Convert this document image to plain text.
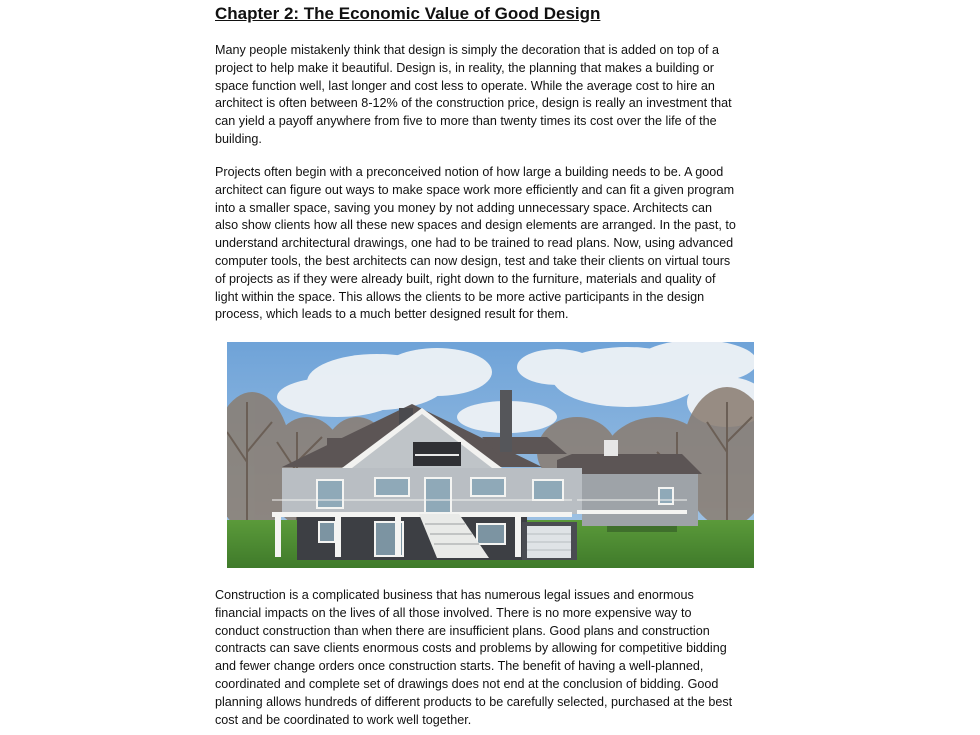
Chapter 2: The Economic Value of Good Design
Many people mistakenly think that design is simply the decoration that is added on top of a
project to help make it beautiful. Design is, in reality, the planning that makes a building or
space function well, last longer and cost less to operate. While the average cost to hire an
architect is often between 8-12% of the construction price, design is really an investment that
can yield a payoff anywhere from five to more than twenty times its cost over the life of the
building.
Projects often begin with a preconceived notion of how large a building needs to be. A good
architect can figure out ways to make space work more efficiently and can fit a given program
into a smaller space, saving you money by not adding unnecessary space. Architects can
also show clients how all these new spaces and design elements are arranged. In the past, to
understand architectural drawings, one had to be trained to read plans. Now, using advanced
computer tools, the best architects can now design, test and take their clients on virtual tours
of projects as if they were already built, right down to the furniture, materials and quality of
light within the space. This allows the clients to be more active participants in the design
process, which leads to a much better designed result for them.
Construction is a complicated business that has numerous legal issues and enormous
financial impacts on the lives of all those involved. There is no more expensive way to
conduct construction than when there are insufficient plans. Good plans and construction
contracts can save clients enormous costs and problems by allowing for competitive bidding
and fewer change orders once construction starts. The benefit of having a well-planned,
coordinated and complete set of drawings does not end at the conclusion of bidding. Good
planning allows hundreds of different products to be carefully selected, purchased at the best
cost and be coordinated to work well together.
